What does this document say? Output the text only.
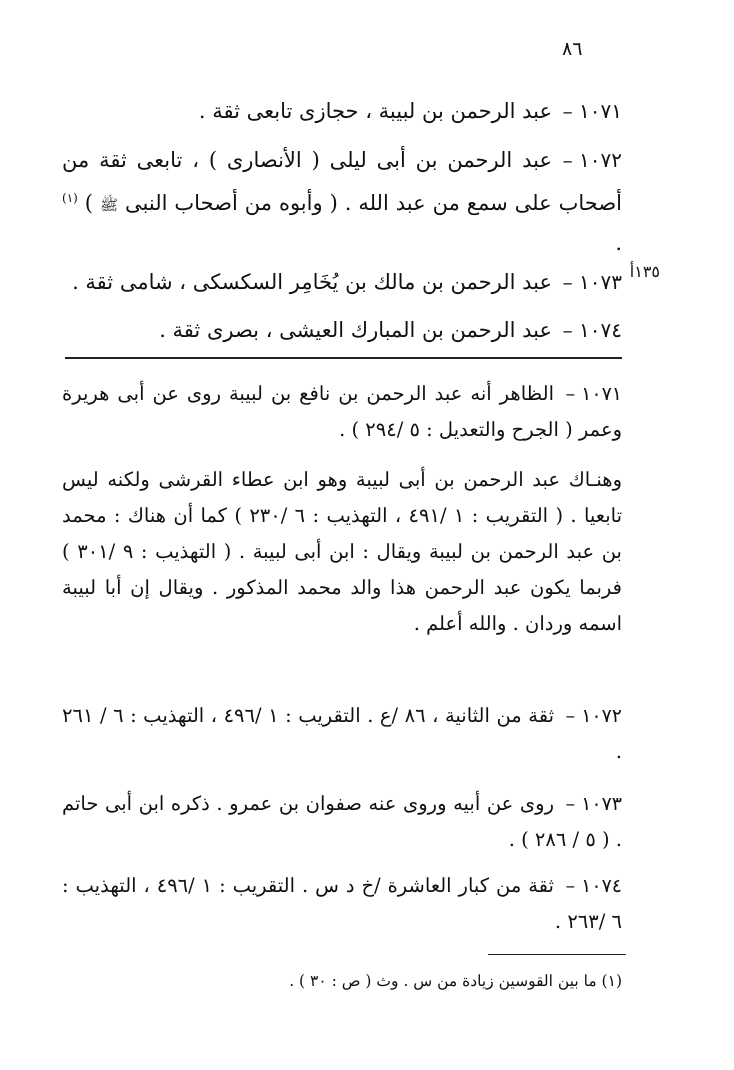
٨٦
١٠٧١ –عبد الرحمن بن لبيبة ، حجازى تابعى ثقة .
١٠٧٢ –عبد الرحمن بن أبى ليلى ( الأنصارى ) ، تابعى ثقة من أصحاب على سمع من عبد الله . ( وأبوه من أصحاب النبى ﷺ ) $^{(١)}$ .
١٣٥أ
١٠٧٣ –عبد الرحمن بن مالك بن يُخَامِر السكسكى ، شامى ثقة .
١٠٧٤ –عبد الرحمن بن المبارك العيشى ، بصرى ثقة .
١٠٧١ –الظاهر أنه عبد الرحمن بن نافع بن لبيبة روى عن أبى هريرة وعمر ( الجرح والتعديل : ٥ /٢٩٤ ) .
وهنـاك عبد الرحمن بن أبى لبيبة وهو ابن عطاء القرشى ولكنه ليس تابعيا . ( التقريب : ١ /٤٩١ ، التهذيب : ٦ /٢٣٠ ) كما أن هناك : محمد بن عبد الرحمن بن لبيبة ويقال : ابن أبى لبيبة . ( التهذيب : ٩ /٣٠١ ) فربما يكون عبد الرحمن هذا والد محمد المذكور . ويقال إن أبا لبيبة اسمه وردان . والله أعلم .
١٠٧٢ –ثقة من الثانية ، ٨٦ /ع . التقريب : ١ /٤٩٦ ، التهذيب : ٦ / ٢٦١ .
١٠٧٣ –روى عن أبيه وروى عنه صفوان بن عمرو . ذكره ابن أبى حاتم . ( ٥ / ٢٨٦ ) .
١٠٧٤ –ثقة من كبار العاشرة /خ د س . التقريب : ١ /٤٩٦ ، التهذيب : ٦ /٢٦٣ .
(١) ما بين القوسين زيادة من س . وث ( ص : ٣٠ ) .
